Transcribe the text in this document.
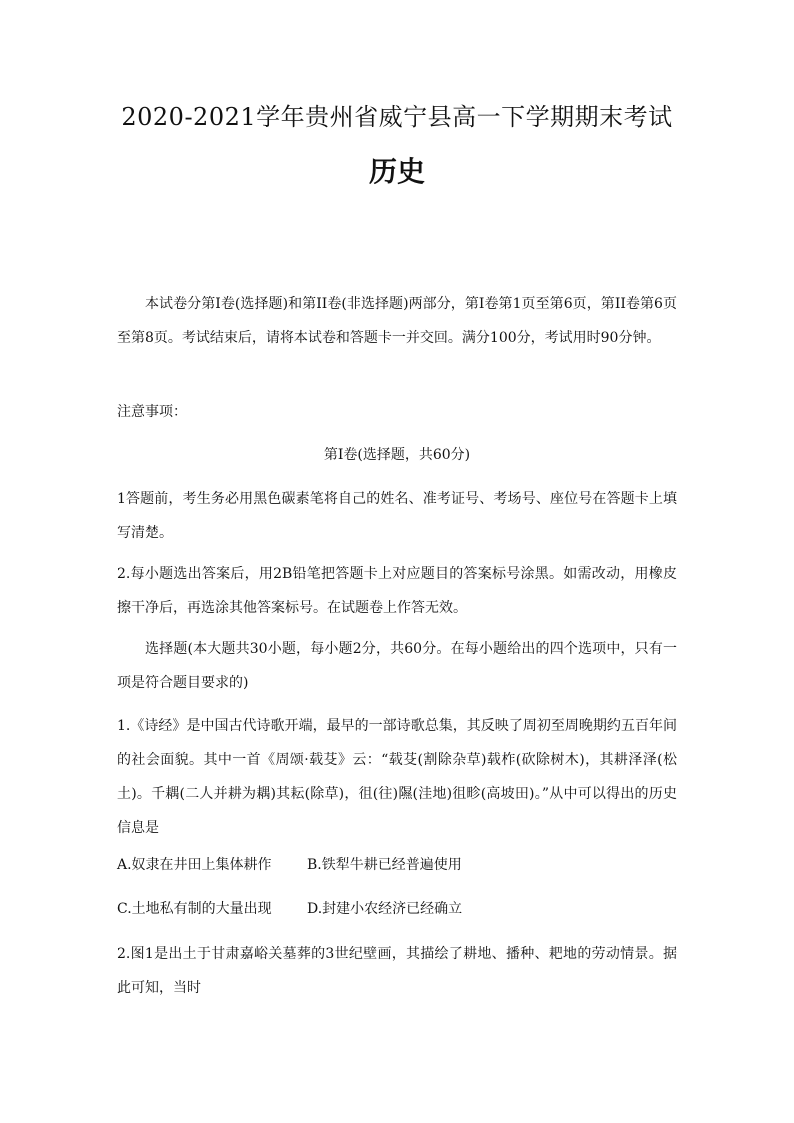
2020-2021学年贵州省威宁县高一下学期期末考试
历史

本试卷分第I卷(选择题)和第II卷(非选择题)两部分，第I卷第1页至第6页，第II卷第6页至第8页。考试结束后，请将本试卷和答题卡一并交回。满分100分，考试用时90分钟。

注意事项：

第I卷(选择题，共60分)

1答题前，考生务必用黑色碳素笔将自己的姓名、准考证号、考场号、座位号在答题卡上填写清楚。

2.每小题选出答案后，用2B铅笔把答题卡上对应题目的答案标号涂黑。如需改动，用橡皮擦干净后，再选涂其他答案标号。在试题卷上作答无效。

选择题(本大题共30小题，每小题2分，共60分。在每小题给出的四个选项中，只有一项是符合题目要求的)

1.《诗经》是中国古代诗歌开端，最早的一部诗歌总集，其反映了周初至周晚期约五百年间的社会面貌。其中一首《周颂·载芟》云：“载芟(割除杂草)载柞(砍除树木)，其耕泽泽(松土)。千耦(二人并耕为耦)其耘(除草)，徂(往)隰(洼地)徂畛(高坡田)。”从中可以得出的历史信息是

A.奴隶在井田上集体耕作	B.铁犁牛耕已经普遍使用
C.土地私有制的大量出现	D.封建小农经济已经确立

2.图1是出土于甘肃嘉峪关墓葬的3世纪壁画，其描绘了耕地、播种、耙地的劳动情景。据此可知，当时
